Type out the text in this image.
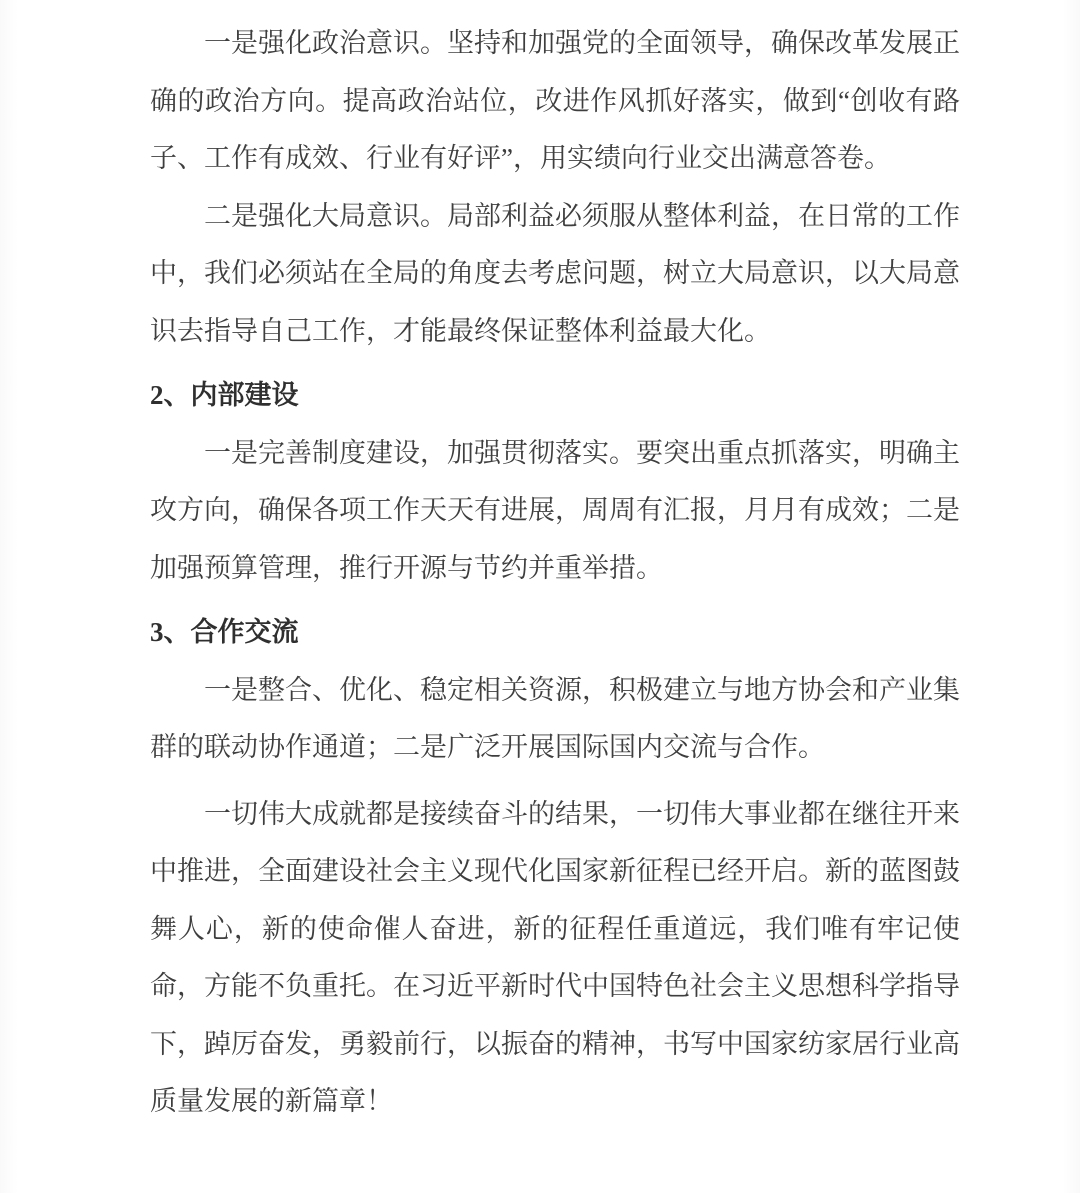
一是强化政治意识。坚持和加强党的全面领导，确保改革发展正确的政治方向。提高政治站位，改进作风抓好落实，做到“创收有路子、工作有成效、行业有好评”，用实绩向行业交出满意答卷。

二是强化大局意识。局部利益必须服从整体利益，在日常的工作中，我们必须站在全局的角度去考虑问题，树立大局意识，以大局意识去指导自己工作，才能最终保证整体利益最大化。

2、内部建设

一是完善制度建设，加强贯彻落实。要突出重点抓落实，明确主攻方向，确保各项工作天天有进展，周周有汇报，月月有成效；二是加强预算管理，推行开源与节约并重举措。

3、合作交流

一是整合、优化、稳定相关资源，积极建立与地方协会和产业集群的联动协作通道；二是广泛开展国际国内交流与合作。

一切伟大成就都是接续奋斗的结果，一切伟大事业都在继往开来中推进，全面建设社会主义现代化国家新征程已经开启。新的蓝图鼓舞人心，新的使命催人奋进，新的征程任重道远，我们唯有牢记使命，方能不负重托。在习近平新时代中国特色社会主义思想科学指导下，踔厉奋发，勇毅前行，以振奋的精神，书写中国家纺家居行业高质量发展的新篇章！
